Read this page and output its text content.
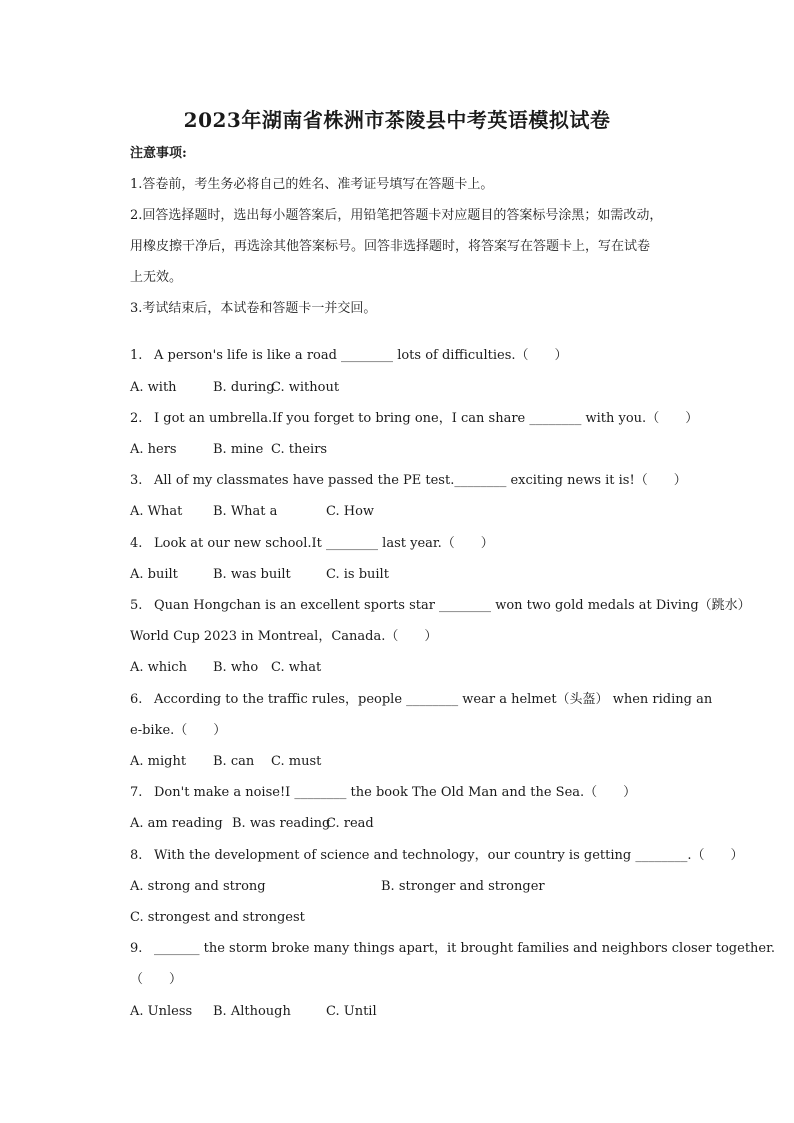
2023年湖南省株洲市茶陵县中考英语模拟试卷
注意事项:
1.答卷前，考生务必将自己的姓名、准考证号填写在答题卡上。
2.回答选择题时，选出每小题答案后，用铅笔把答题卡对应题目的答案标号涂黑；如需改动，
用橡皮擦干净后，再选涂其他答案标号。回答非选择题时，将答案写在答题卡上，写在试卷
上无效。
3.考试结束后，本试卷和答题卡一并交回。
1. A person's life is like a road ________ lots of difficulties.（　　）
A. with	B. during
C. without
2. I got an umbrella.If you forget to bring one，I can share ________ with you.（　　）
A. hers	B. mine C. theirs
3. All of my classmates have passed the PE test.________ exciting news it is!（　　）
A. What B. What a	C. How
4. Look at our new school.It ________ last year.（　　）
A. built	B. was built	C. is built
5. Quan Hongchan is an excellent sports star ________ won two gold medals at Diving（跳水）
World Cup 2023 in Montreal，Canada.（　　）
A. which B. who C. what
6. According to the traffic rules，people ________ wear a helmet（头盔） when riding an
e-bike.（　　）
A. might B. can C. must
7. Don't make a noise!I ________ the book The Old Man and the Sea.（　　）
A. am reading B. was reading
C. read
8. With the development of science and technology，our country is getting ________.（　　）
A. strong and strong	B. stronger and stronger
C. strongest and strongest
9. _______ the storm broke many things apart，it brought families and neighbors closer together.
（　　）
A. Unless B. Although	C. Until
